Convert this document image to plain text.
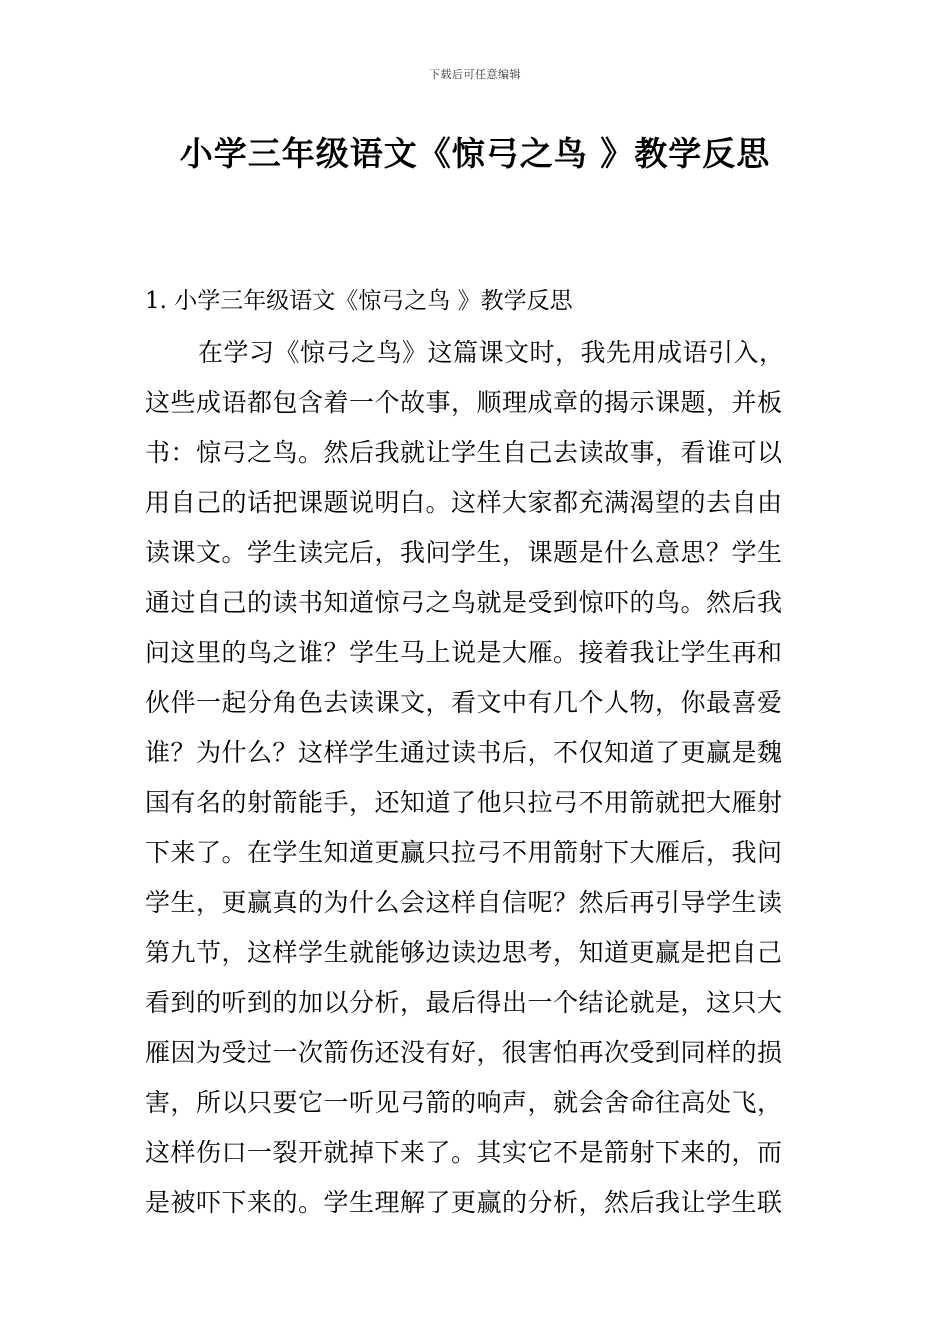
下载后可任意编辑
小学三年级语文《惊弓之鸟 》教学反思
1. 小学三年级语文《惊弓之鸟 》教学反思
在学习《惊弓之鸟》这篇课文时，我先用成语引入，
这些成语都包含着一个故事，顺理成章的揭示课题，并板
书：惊弓之鸟。然后我就让学生自己去读故事，看谁可以
用自己的话把课题说明白。这样大家都充满渴望的去自由
读课文。学生读完后，我问学生，课题是什么意思？学生
通过自己的读书知道惊弓之鸟就是受到惊吓的鸟。然后我
问这里的鸟之谁？学生马上说是大雁。接着我让学生再和
伙伴一起分角色去读课文，看文中有几个人物，你最喜爱
谁？为什么？这样学生通过读书后，不仅知道了更赢是魏
国有名的射箭能手，还知道了他只拉弓不用箭就把大雁射
下来了。在学生知道更赢只拉弓不用箭射下大雁后，我问
学生，更赢真的为什么会这样自信呢？然后再引导学生读
第九节，这样学生就能够边读边思考，知道更赢是把自己
看到的听到的加以分析，最后得出一个结论就是，这只大
雁因为受过一次箭伤还没有好，很害怕再次受到同样的损
害，所以只要它一听见弓箭的响声，就会舍命往高处飞，
这样伤口一裂开就掉下来了。其实它不是箭射下来的，而
是被吓下来的。学生理解了更赢的分析，然后我让学生联
